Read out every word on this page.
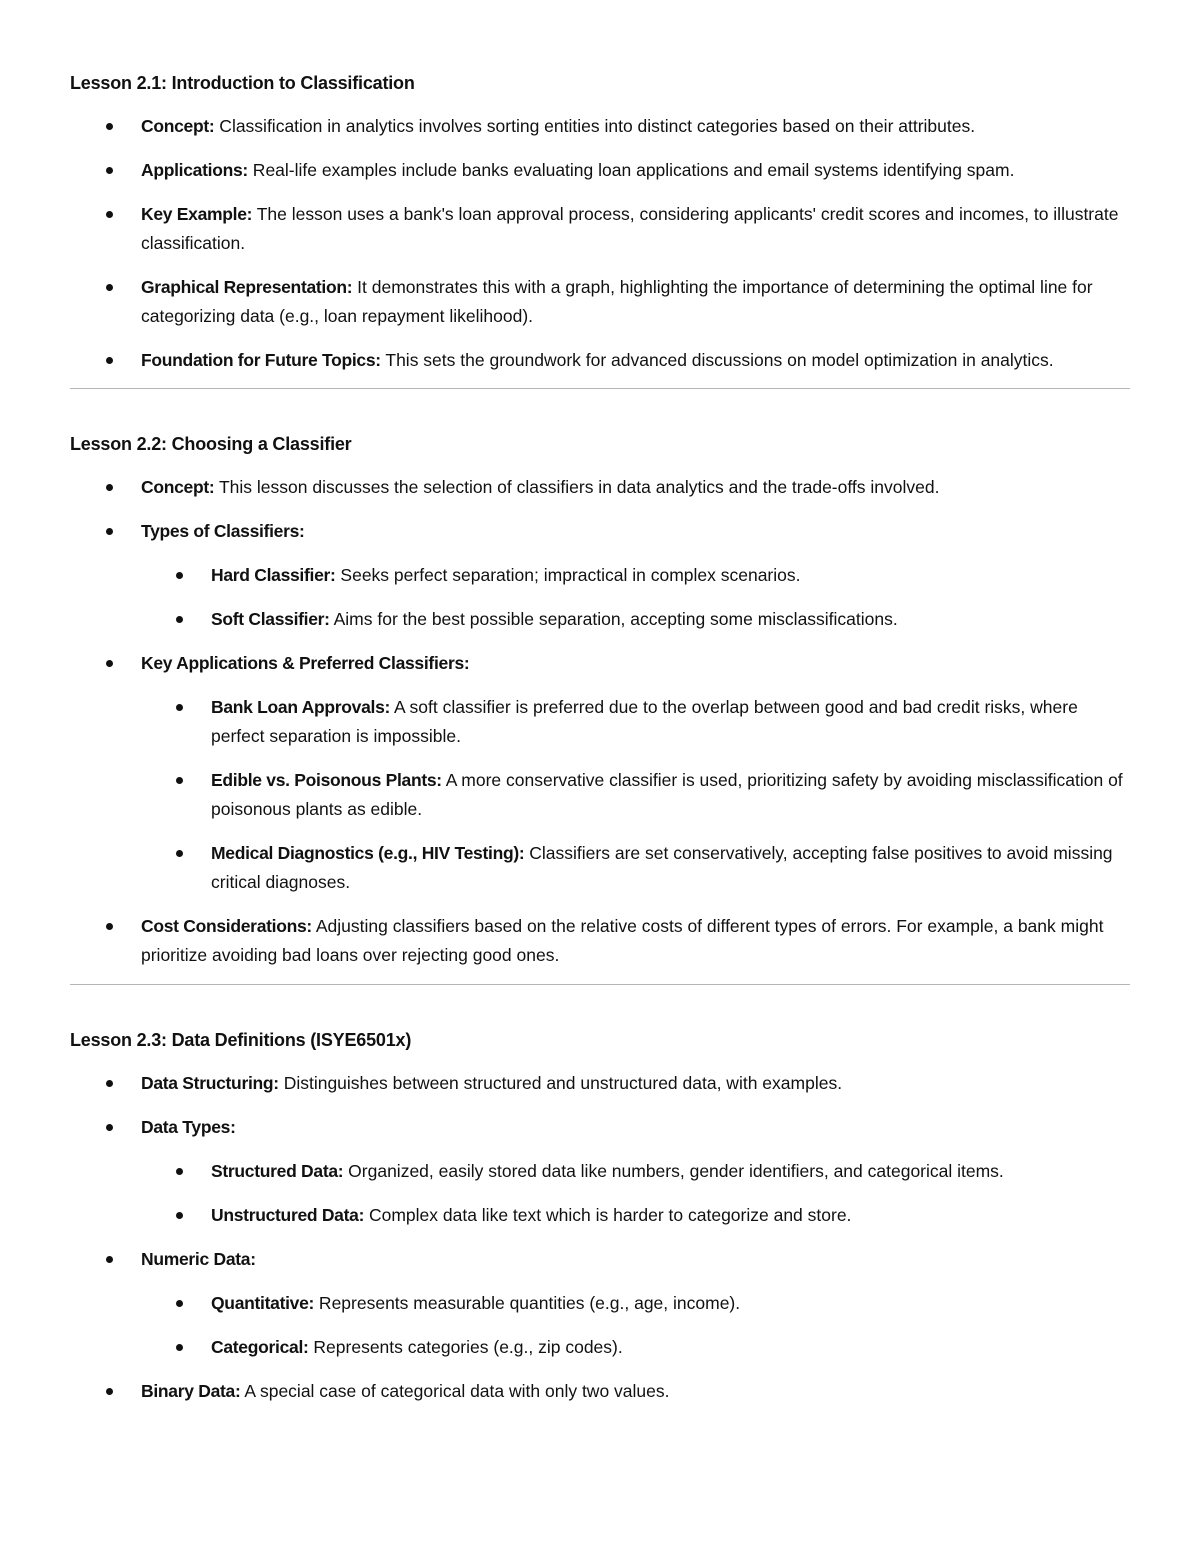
Lesson 2.1: Introduction to Classification
Concept: Classification in analytics involves sorting entities into distinct categories based on their attributes.
Applications: Real-life examples include banks evaluating loan applications and email systems identifying spam.
Key Example: The lesson uses a bank's loan approval process, considering applicants' credit scores and incomes, to illustrate classification.
Graphical Representation: It demonstrates this with a graph, highlighting the importance of determining the optimal line for categorizing data (e.g., loan repayment likelihood).
Foundation for Future Topics: This sets the groundwork for advanced discussions on model optimization in analytics.
Lesson 2.2: Choosing a Classifier
Concept: This lesson discusses the selection of classifiers in data analytics and the trade-offs involved.
Types of Classifiers:
Hard Classifier: Seeks perfect separation; impractical in complex scenarios.
Soft Classifier: Aims for the best possible separation, accepting some misclassifications.
Key Applications & Preferred Classifiers:
Bank Loan Approvals: A soft classifier is preferred due to the overlap between good and bad credit risks, where perfect separation is impossible.
Edible vs. Poisonous Plants: A more conservative classifier is used, prioritizing safety by avoiding misclassification of poisonous plants as edible.
Medical Diagnostics (e.g., HIV Testing): Classifiers are set conservatively, accepting false positives to avoid missing critical diagnoses.
Cost Considerations: Adjusting classifiers based on the relative costs of different types of errors. For example, a bank might prioritize avoiding bad loans over rejecting good ones.
Lesson 2.3: Data Definitions (ISYE6501x)
Data Structuring: Distinguishes between structured and unstructured data, with examples.
Data Types:
Structured Data: Organized, easily stored data like numbers, gender identifiers, and categorical items.
Unstructured Data: Complex data like text which is harder to categorize and store.
Numeric Data:
Quantitative: Represents measurable quantities (e.g., age, income).
Categorical: Represents categories (e.g., zip codes).
Binary Data: A special case of categorical data with only two values.
